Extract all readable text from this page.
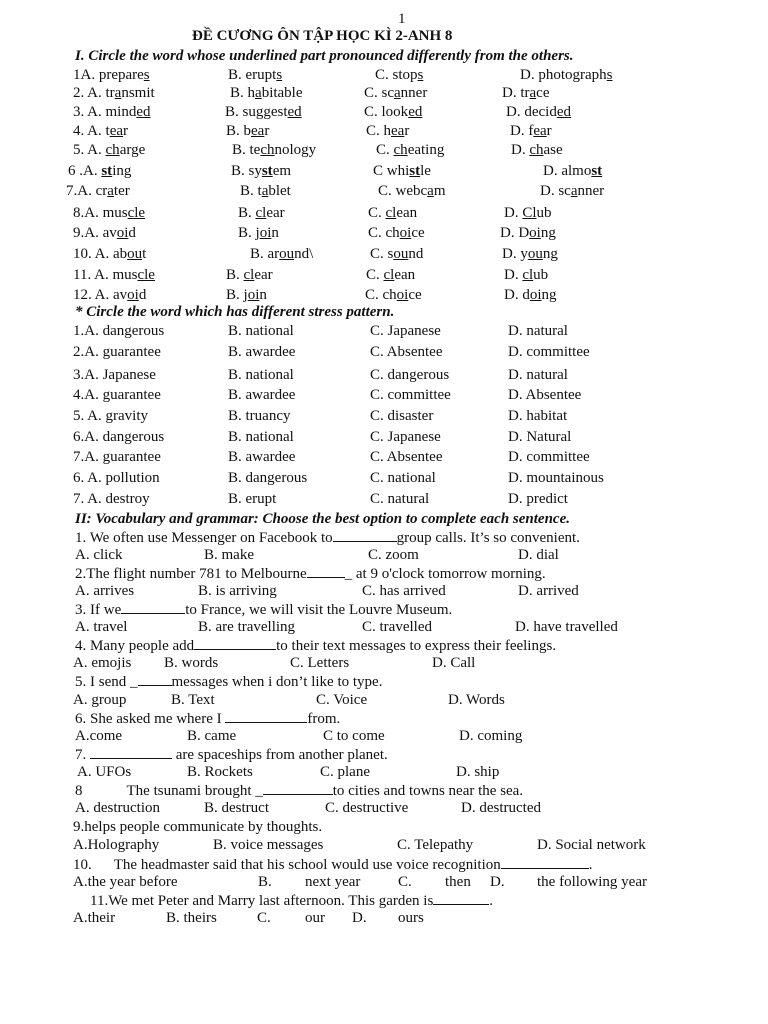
1
ĐỀ CƯƠNG ÔN TẬP HỌC KÌ 2-ANH 8
I. Circle the word whose underlined part pronounced differently from the others.
1A. prepares	B. erupts	C. stops	D. photographs
2. A. transmit	B. habitable	C. scanner	D. trace
3. A. minded	B. suggested	C. looked	D. decided
4. A. tear	B. bear	C. hear	D. fear
5. A. charge	B. technology	C. cheating	D. chase
6 .A. sting	B. system	C whistle	D. almost
7.A. crater	B. tablet	C. webcam	D. scanner
8.A. muscle	B. clear	C. clean	D. Club
9.A. avoid	B. join	C. choice	D. Doing
10. A. about	B. around\	C. sound	D. young
11. A. muscle	B. clear	C. clean	D. club
12. A. avoid	B. join	C. choice	D. doing
* Circle the word which has different stress pattern.
1.A. dangerous	B. national	C. Japanese	D. natural
2.A. guarantee	B. awardee	C. Absentee	D. committee
3.A. Japanese	B. national	C. dangerous	D. natural
4.A. guarantee	B. awardee	C. committee	D. Absentee
5. A. gravity	B. truancy	C. disaster	D. habitat
6.A. dangerous	B. national	C. Japanese	D. Natural
7.A. guarantee	B. awardee	C. Absentee	D. committee
6. A. pollution	B. dangerous	C. national	D. mountainous
7. A. destroy	B. erupt	C. natural	D. predict
II: Vocabulary and grammar: Choose the best option to complete each sentence.
1. We often use Messenger on Facebook to	group calls. It’s so convenient.
A. click	B. make	C. zoom	D. dial
2.The flight number 781 to Melbourne	_ at 9 o'clock tomorrow morning.
A. arrives	B. is arriving	C. has arrived	D. arrived
3. If we	to France, we will visit the Louvre Museum.
A. travel	B. are travelling	C. travelled	D. have travelled
4. Many people add	to their text messages to express their feelings.
A. emojis B. words	C. Letters	D. Call
5. I send _ messages when i don’t like to type.
A. group	B. Text	C. Voice	D. Words
6. She asked me where I	from.
A.come	B. came	C to come	D. coming
7.	are spaceships from another planet.
A. UFOs	B. Rockets	C. plane	D. ship
8	The tsunami brought _	to cities and towns near the sea.
A. destruction	B. destruct	C. destructive	D. destructed
9.helps people communicate by thoughts.
A.Holography	B. voice messages	C. Telepathy	D. Social network
10. The headmaster said that his school would use voice recognition	.
A.the year before	B. next year	C. then D. the following year
11.We met Peter and Marry last afternoon. This garden is	.
A.their	B. theirs	C. our D. ours
